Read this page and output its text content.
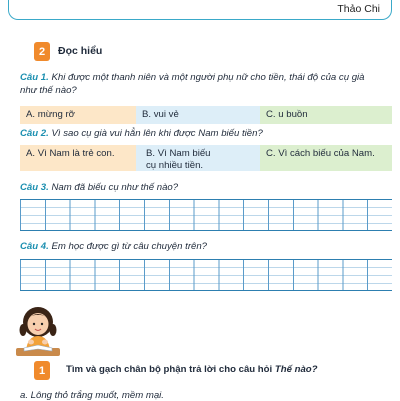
Thảo Chi
2	Đọc hiểu
Câu 1. Khi được một thanh niên và một người phụ nữ cho tiền, thái độ của cụ già
như thế nào?
A. mừng rỡ	B. vui vẻ	C. u buồn
Câu 2. Vì sao cụ già vui hẳn lên khi được Nam biếu tiền?
A. Vì Nam là trẻ con.	B. Vì Nam biếu cụ nhiều tiền.
C. Vì cách biếu của Nam.
Câu 3. Nam đã biếu cụ như thế nào?
Câu 4. Em học được gì từ câu chuyện trên?
1	Tìm và gạch chân bộ phận trả lời cho câu hỏi Thế nào?
a. Lông thỏ trắng muốt, mềm mại.
